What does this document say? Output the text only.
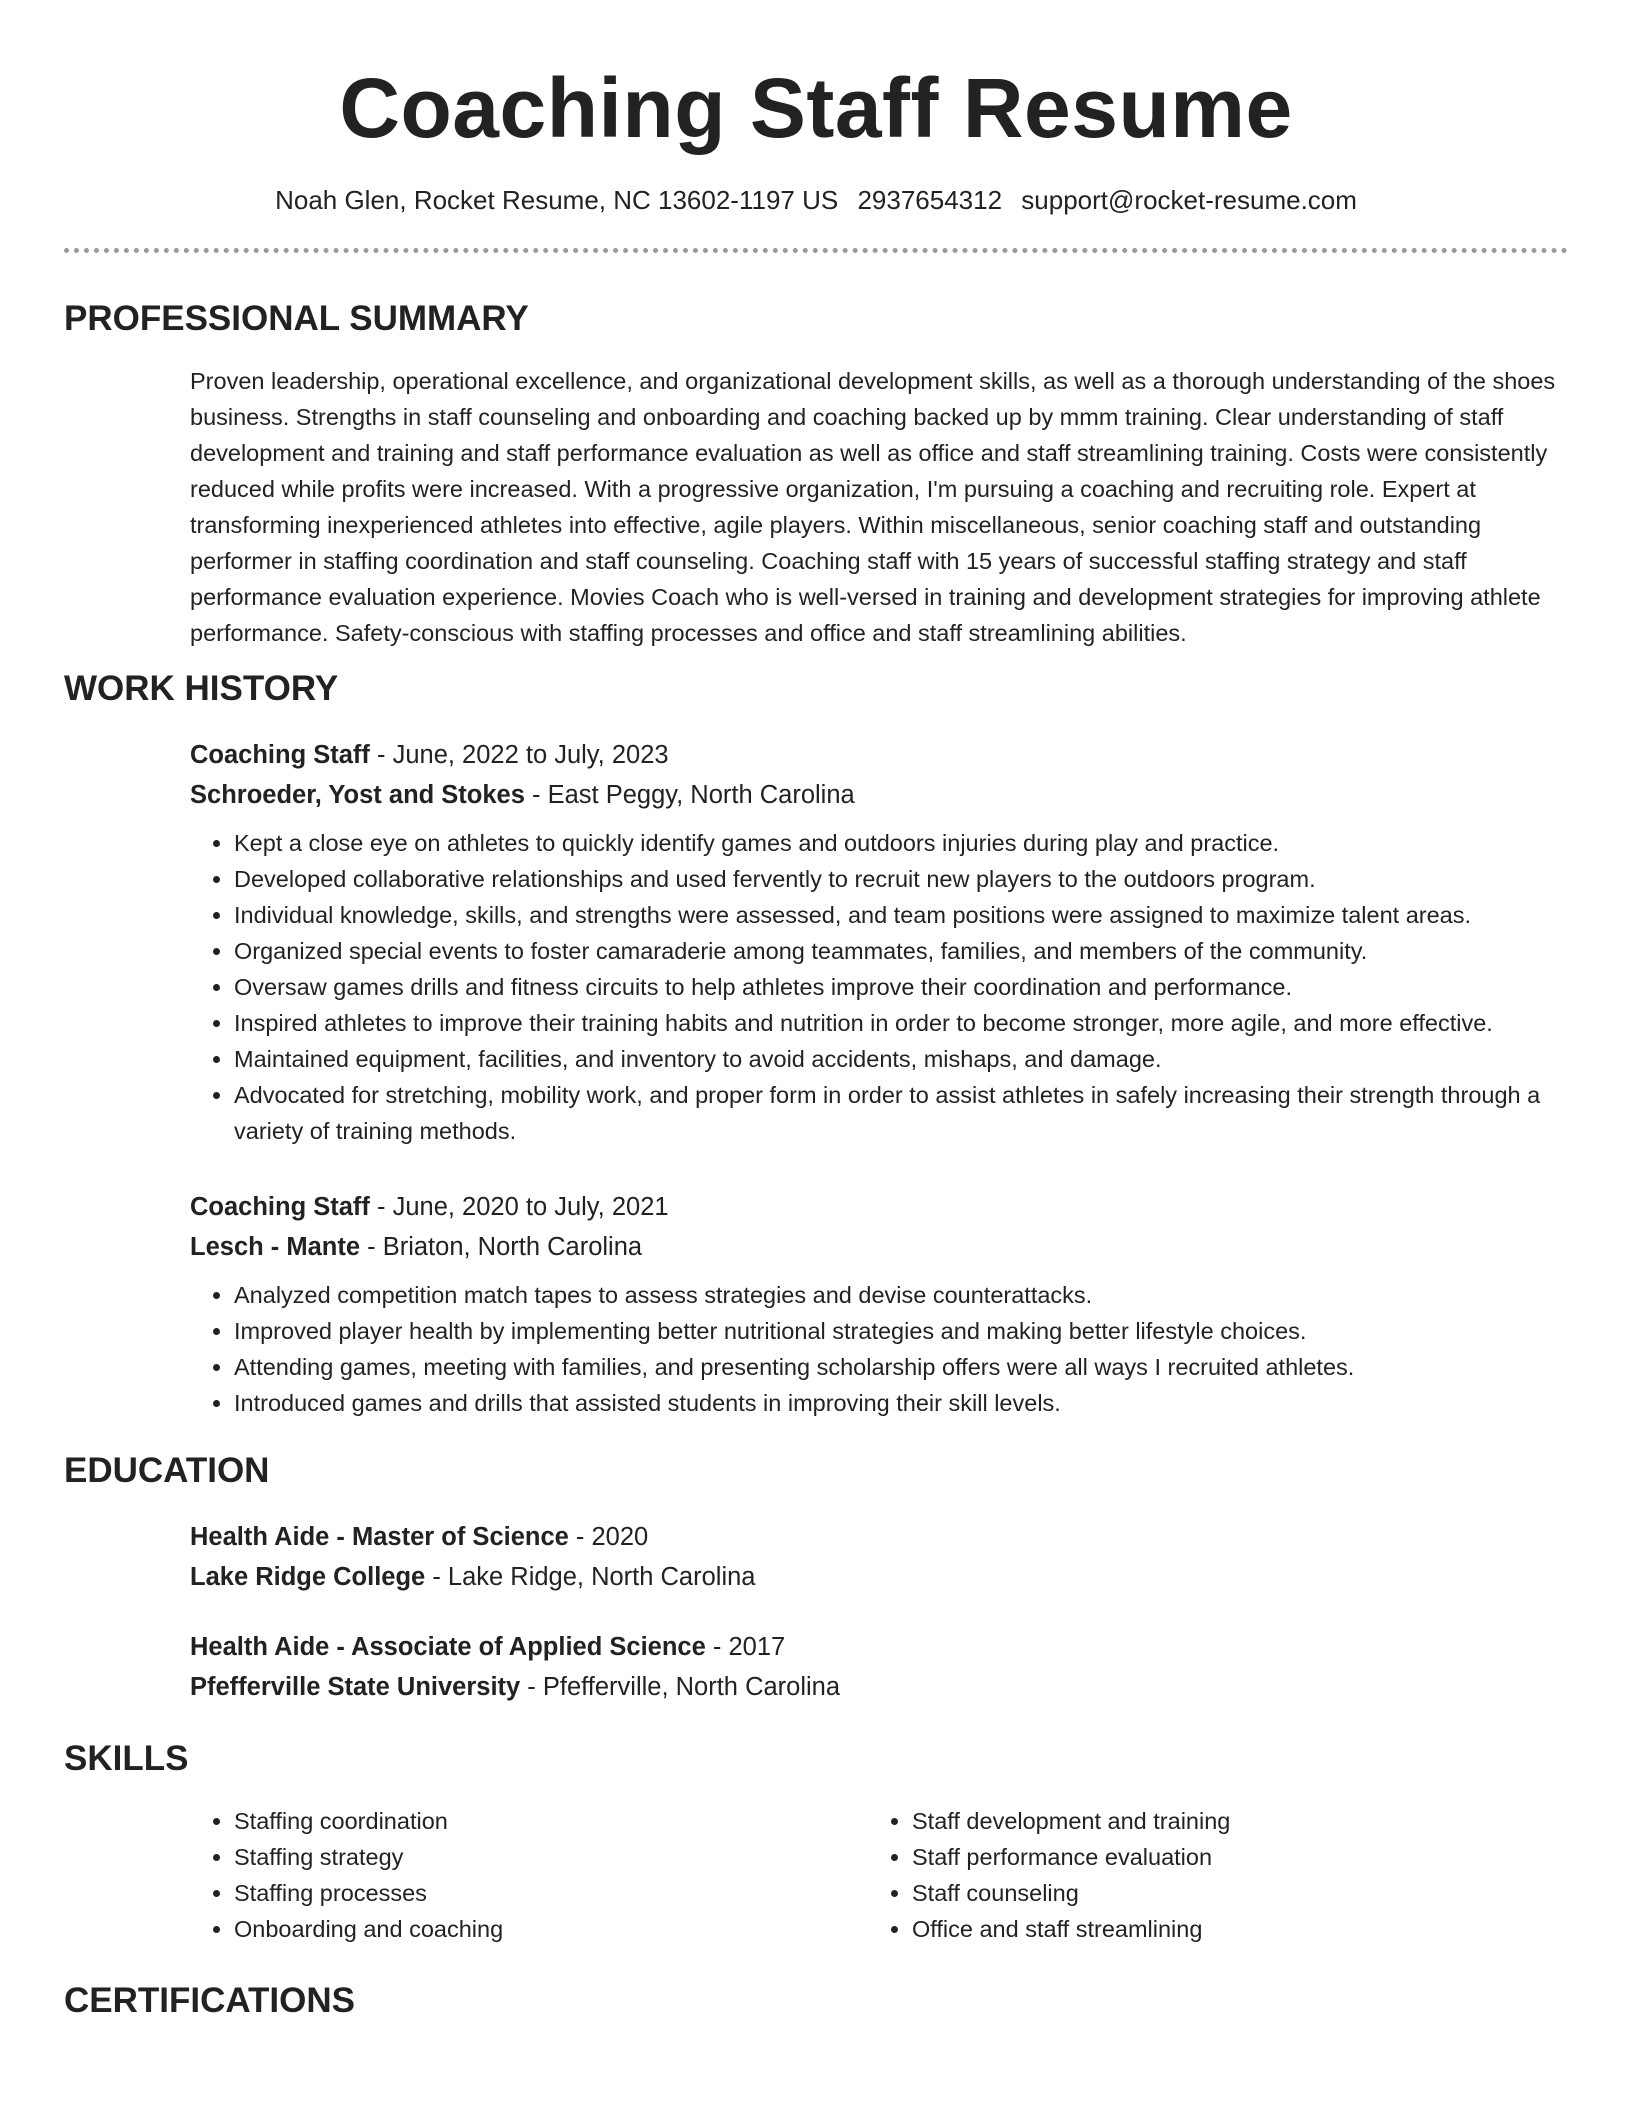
Coaching Staff Resume
Noah Glen, Rocket Resume, NC 13602-1197 US 2937654312 support@rocket-resume.com
PROFESSIONAL SUMMARY
Proven leadership, operational excellence, and organizational development skills, as well as a thorough understanding of the shoes business. Strengths in staff counseling and onboarding and coaching backed up by mmm training. Clear understanding of staff development and training and staff performance evaluation as well as office and staff streamlining training. Costs were consistently reduced while profits were increased. With a progressive organization, I'm pursuing a coaching and recruiting role. Expert at transforming inexperienced athletes into effective, agile players. Within miscellaneous, senior coaching staff and outstanding performer in staffing coordination and staff counseling. Coaching staff with 15 years of successful staffing strategy and staff performance evaluation experience. Movies Coach who is well-versed in training and development strategies for improving athlete performance. Safety-conscious with staffing processes and office and staff streamlining abilities.
WORK HISTORY
Coaching Staff - June, 2022 to July, 2023
Schroeder, Yost and Stokes - East Peggy, North Carolina
• Kept a close eye on athletes to quickly identify games and outdoors injuries during play and practice.
• Developed collaborative relationships and used fervently to recruit new players to the outdoors program.
• Individual knowledge, skills, and strengths were assessed, and team positions were assigned to maximize talent areas.
• Organized special events to foster camaraderie among teammates, families, and members of the community.
• Oversaw games drills and fitness circuits to help athletes improve their coordination and performance.
• Inspired athletes to improve their training habits and nutrition in order to become stronger, more agile, and more effective.
• Maintained equipment, facilities, and inventory to avoid accidents, mishaps, and damage.
• Advocated for stretching, mobility work, and proper form in order to assist athletes in safely increasing their strength through a variety of training methods.
Coaching Staff - June, 2020 to July, 2021
Lesch - Mante - Briaton, North Carolina
• Analyzed competition match tapes to assess strategies and devise counterattacks.
• Improved player health by implementing better nutritional strategies and making better lifestyle choices.
• Attending games, meeting with families, and presenting scholarship offers were all ways I recruited athletes.
• Introduced games and drills that assisted students in improving their skill levels.
EDUCATION
Health Aide - Master of Science - 2020
Lake Ridge College - Lake Ridge, North Carolina
Health Aide - Associate of Applied Science - 2017
Pfefferville State University - Pfefferville, North Carolina
SKILLS
• Staffing coordination
• Staffing strategy
• Staffing processes
• Onboarding and coaching
• Staff development and training
• Staff performance evaluation
• Staff counseling
• Office and staff streamlining
CERTIFICATIONS
